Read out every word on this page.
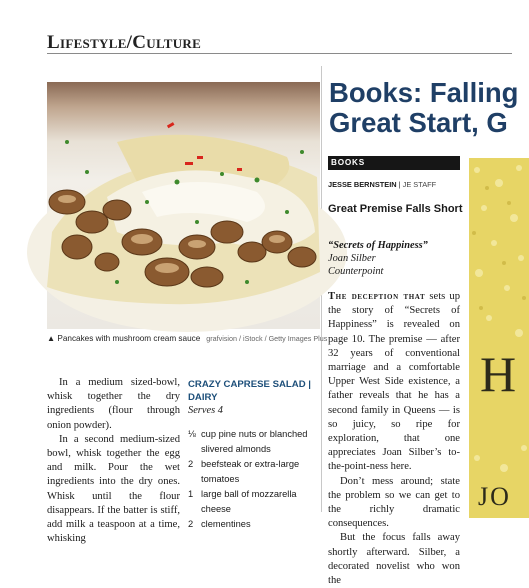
Lifestyle/Culture
▲ Pancakes with mushroom cream sauce grafvision / iStock / Getty Images Plus

In a medium sized-bowl, whisk together the dry ingredients (flour through onion powder).

In a second medium-sized bowl, whisk together the egg and milk. Pour the wet ingredients into the dry ones. Whisk until the flour disappears. If the batter is stiff, add milk a teaspoon at a time, whisking

CRAZY CAPRESE SALAD | DAIRY
Serves 4
⅛ cup pine nuts or blanched slivered almonds
2 beefsteak or extra-large tomatoes
1 large ball of mozzarella cheese
2 clementines
Books: Falling
Great Start, G
BOOKS
JESSE BERNSTEIN | JE STAFF
Great Premise Falls Short
“Secrets of Happiness”
Joan Silber
Counterpoint

The deception that sets up the story of “Secrets of Happiness” is revealed on page 10. The premise — after 32 years of conventional marriage and a comfortable Upper West Side existence, a father reveals that he has a second family in Queens — is so juicy, so ripe for exploration, that one appreciates Joan Silber’s to-the-point-ness here.

Don’t mess around; state the problem so we can get to the richly dramatic consequences.

But the focus falls away shortly afterward. Silber, a decorated novelist who won the

H
JO
